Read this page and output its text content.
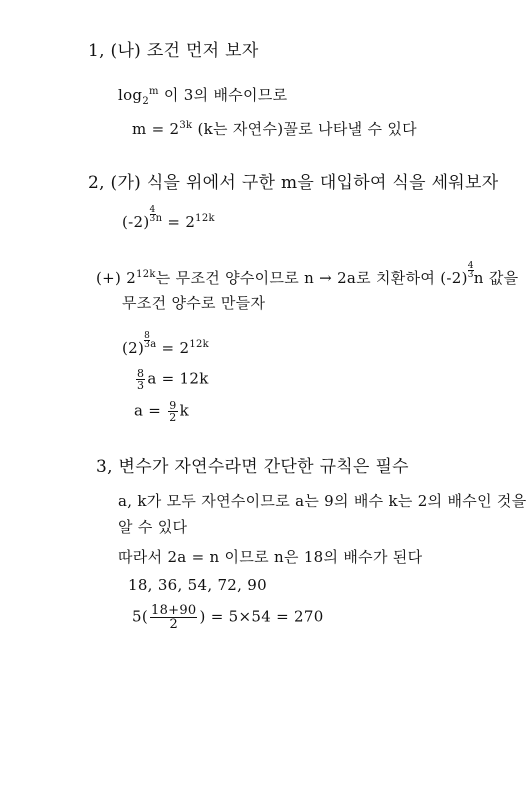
1, (나) 조건 먼저 보자
$\log_2^m$ 이 3의 배수이므로
$m = 2^{3k}$ (k는 자연수)꼴로 나타낼 수 있다
2, (가) 식을 위에서 구한 m을 대입하여 식을 세워보자
$(-2) \frac{4}{3} ^n = 2^{12k}$
(+) $2^{12k}$는 무조건 양수이므로 n → 2a로 치환하여 $(-2) \frac{4}{3}$ n 값을
무조건 양수로 만들자
$(2) \frac{8}{3} ^a = 2^{12k}$
$\frac{8}{3}$ a = 12k
$a = \frac{9}{2}$ k
3, 변수가 자연수라면 간단한 규칙은 필수
a, k가 모두 자연수이므로 a는 9의 배수 k는 2의 배수인 것을
알 수 있다
따라서 2a = n 이므로 n은 18의 배수가 된다
18, 36, 54, 72, 90
$5( \frac{18+90}{2}$ ) = 5×54 = 270
